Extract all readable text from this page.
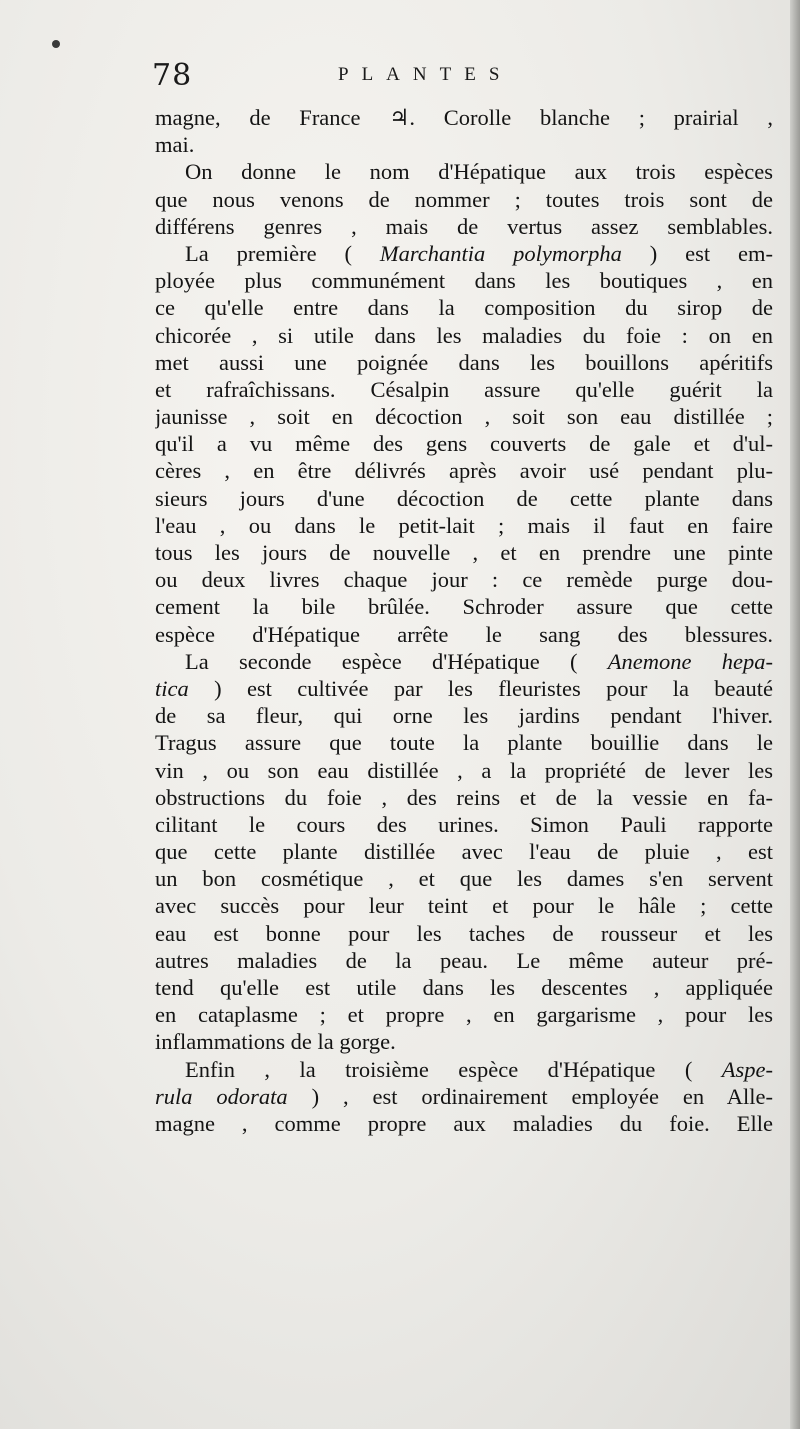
78	PLANTES
magne, de France ♃. Corolle blanche ; prairial ,
mai.
On donne le nom d'Hépatique aux trois espèces
que nous venons de nommer ; toutes trois sont de
différens genres , mais de vertus assez semblables.
La première ( Marchantia polymorpha ) est em-
ployée plus communément dans les boutiques , en
ce qu'elle entre dans la composition du sirop de
chicorée , si utile dans les maladies du foie : on en
met aussi une poignée dans les bouillons apéritifs
et rafraîchissans. Césalpin assure qu'elle guérit la
jaunisse , soit en décoction , soit son eau distillée ;
qu'il a vu même des gens couverts de gale et d'ul-
cères , en être délivrés après avoir usé pendant plu-
sieurs jours d'une décoction de cette plante dans
l'eau , ou dans le petit-lait ; mais il faut en faire
tous les jours de nouvelle , et en prendre une pinte
ou deux livres chaque jour : ce remède purge dou-
cement la bile brûlée. Schroder assure que cette
espèce d'Hépatique arrête le sang des blessures.
La seconde espèce d'Hépatique ( Anemone hepa-
tica ) est cultivée par les fleuristes pour la beauté
de sa fleur, qui orne les jardins pendant l'hiver.
Tragus assure que toute la plante bouillie dans le
vin , ou son eau distillée , a la propriété de lever les
obstructions du foie , des reins et de la vessie en fa-
cilitant le cours des urines. Simon Pauli rapporte
que cette plante distillée avec l'eau de pluie , est
un bon cosmétique , et que les dames s'en servent
avec succès pour leur teint et pour le hâle ; cette
eau est bonne pour les taches de rousseur et les
autres maladies de la peau. Le même auteur pré-
tend qu'elle est utile dans les descentes , appliquée
en cataplasme ; et propre , en gargarisme , pour les
inflammations de la gorge.
Enfin , la troisième espèce d'Hépatique ( Aspe-
rula odorata ) , est ordinairement employée en Alle-
magne , comme propre aux maladies du foie. Elle
